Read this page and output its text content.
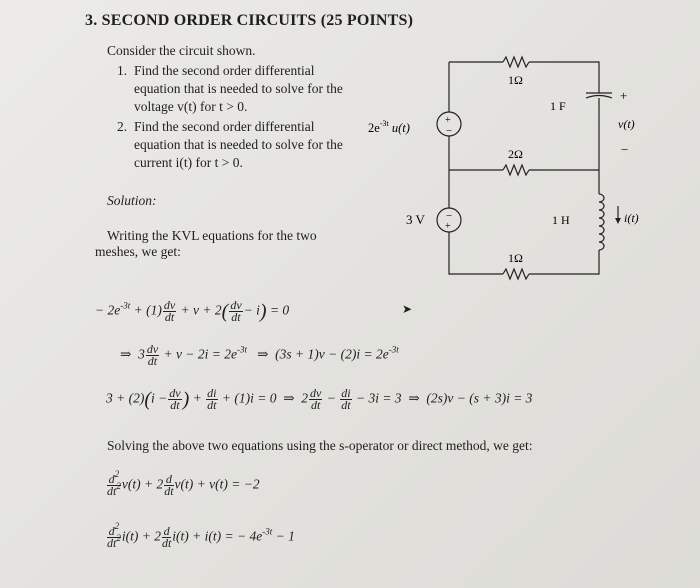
3. SECOND ORDER CIRCUITS (25 POINTS)
Consider the circuit shown.
1. Find the second order differential
equation that is needed to solve for the
voltage v(t) for t > 0.
2. Find the second order differential
equation that is needed to solve for the
current i(t) for t > 0.
Solution:
Writing the KVL equations for the two
meshes, we get:
1Ω
1 F
+
v(t)
−
$2e^{-3t}$ u(t)
+
−
2Ω
3 V −
+	1 H	i(t)
1Ω
➤
− $2e^{-3t} + (1) \frac{dv}{dt} + v + 2( \frac{dv}{dt} - i) = 0$
⇒ $3 \frac{dv}{dt} + v - 2i = 2e^{-3t}$ ⇒ $(3s + 1)v - (2)i = 2e^{-3t}$
$3 + (2)(i - \frac{dv}{dt}$ ) + $\frac{di}{dt} + (1)i = 0$ ⇒ $2 \frac{dv}{dt} - \frac{di}{dt} - 3i = 3$ ⇒ (2s)v − (s + 3)i = 3
Solving the above two equations using the s-operator or direct method, we get:
$\frac{d^2}{dt^2} v(t) + 2 \frac{d}{dt} v(t) + v(t) = -2$
$\frac{d^2}{dt^2} i(t) + 2 \frac{d}{dt} i(t) + i(t)$ = − $4e^{-3t} - 1$
